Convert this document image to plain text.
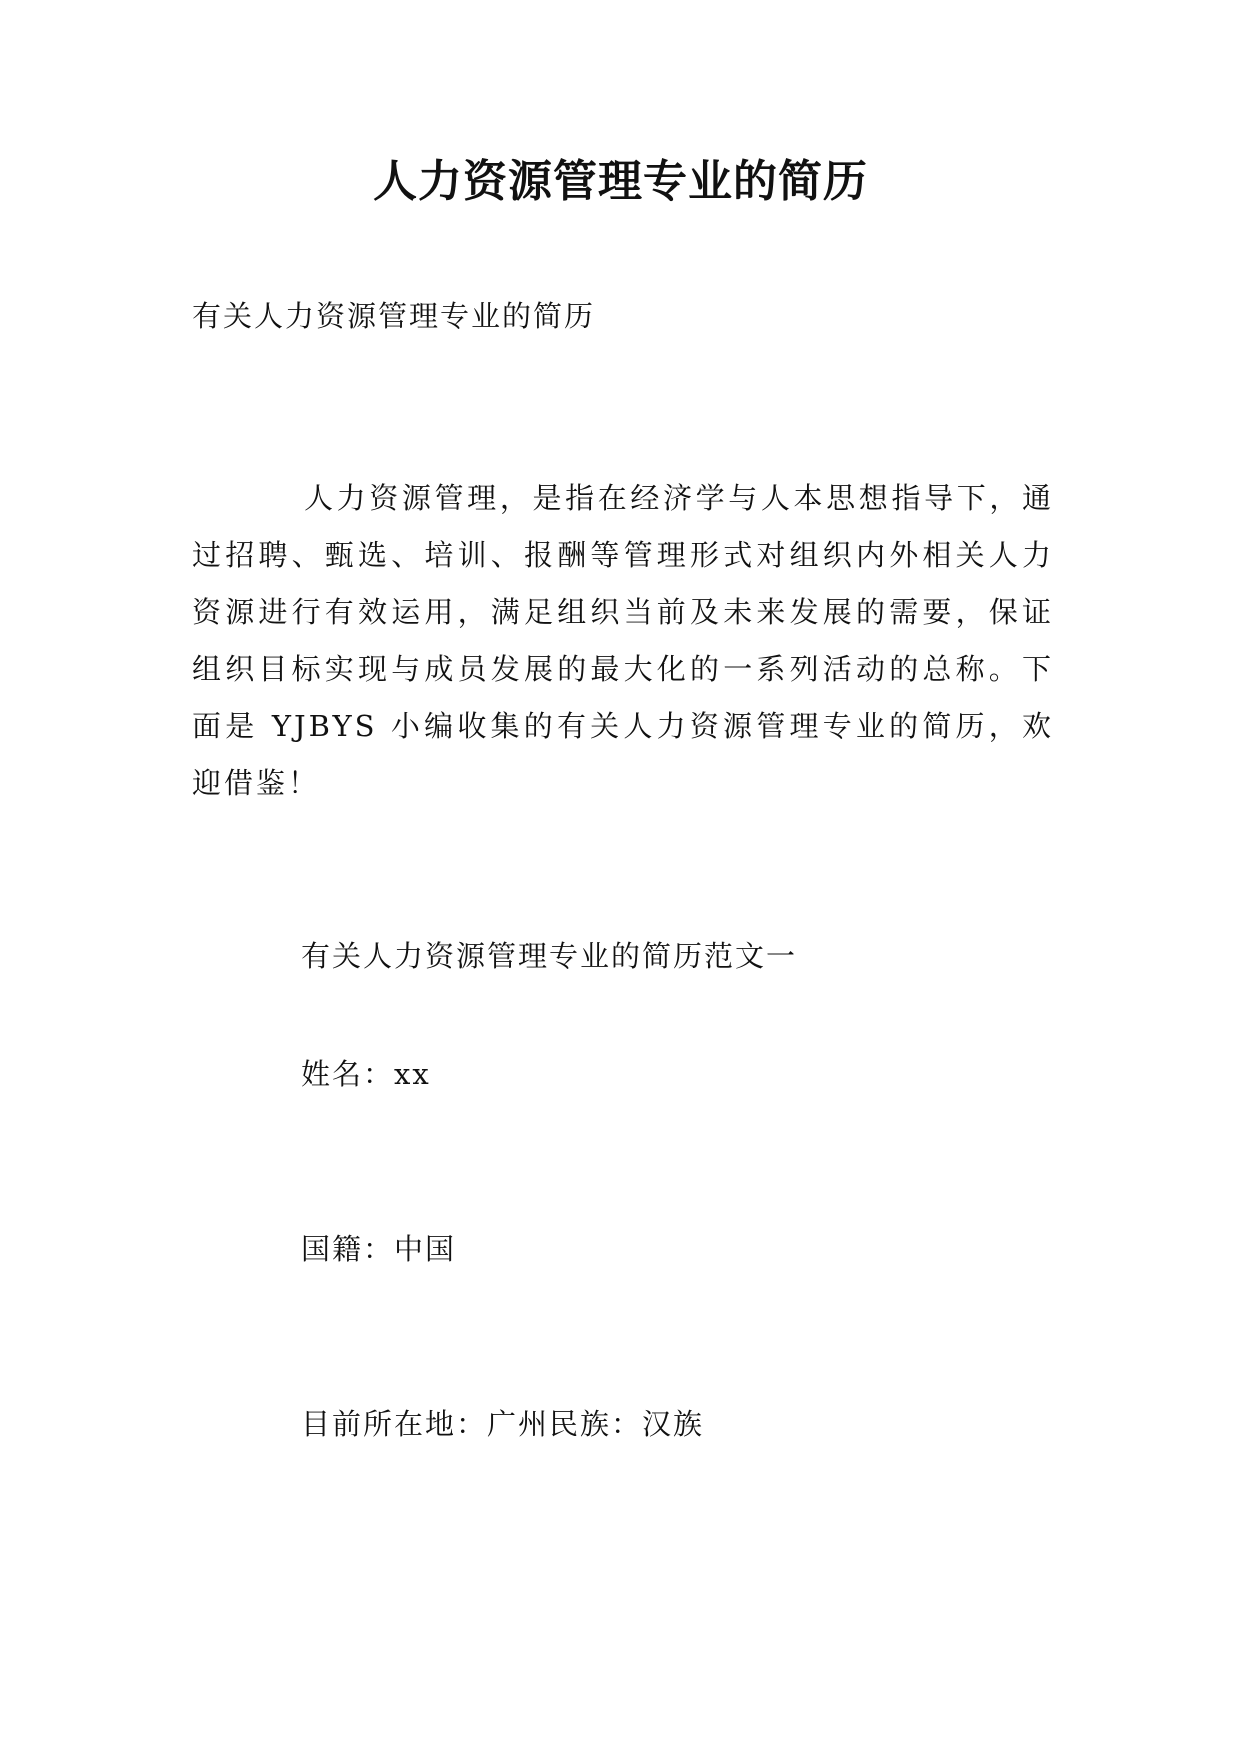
人力资源管理专业的简历

有关人力资源管理专业的简历

人力资源管理，是指在经济学与人本思想指导下，通过招聘、甄选、培训、报酬等管理形式对组织内外相关人力资源进行有效运用，满足组织当前及未来发展的需要，保证组织目标实现与成员发展的最大化的一系列活动的总称。下面是 YJBYS 小编收集的有关人力资源管理专业的简历，欢迎借鉴！

有关人力资源管理专业的简历范文一

姓名：xx

国籍：中国

目前所在地：广州民族：汉族
